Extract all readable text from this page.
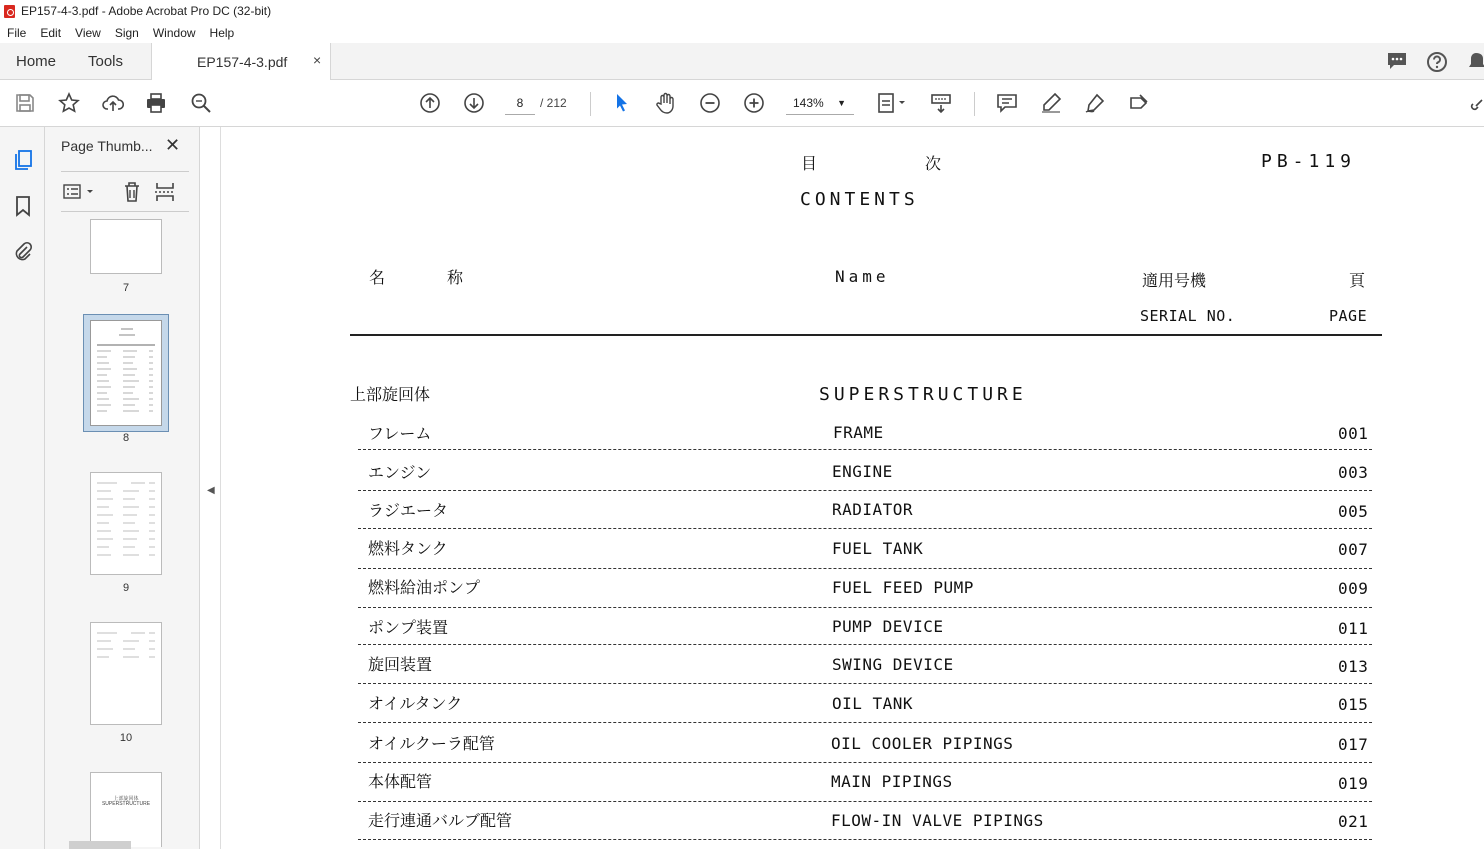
EP157-4-3.pdf - Adobe Acrobat Pro DC (32-bit)
File	Edit	View	Sign	Window	Help
Home Tools	EP157-4-3.pdf ×
8	/ 212	143% ▼
Page Thumb... ✕
7
8
9
10
上部旋回体
SUPERSTRUCTURE
◀
目	次	PB-119
CONTENTS
名	称	Name	適用号機	頁
SERIAL NO.	PAGE
上部旋回体	SUPERSTRUCTURE
フレーム	FRAME	001
エンジン	ENGINE	003
ラジエータ	RADIATOR	005
燃料タンク	FUEL TANK	007
燃料給油ポンプ	FUEL FEED PUMP	009
ポンプ装置	PUMP DEVICE	011
旋回装置	SWING DEVICE	013
オイルタンク	OIL TANK	015
オイルクーラ配管	OIL COOLER PIPINGS	017
本体配管	MAIN PIPINGS	019
走行連通バルブ配管	FLOW-IN VALVE PIPINGS	021
